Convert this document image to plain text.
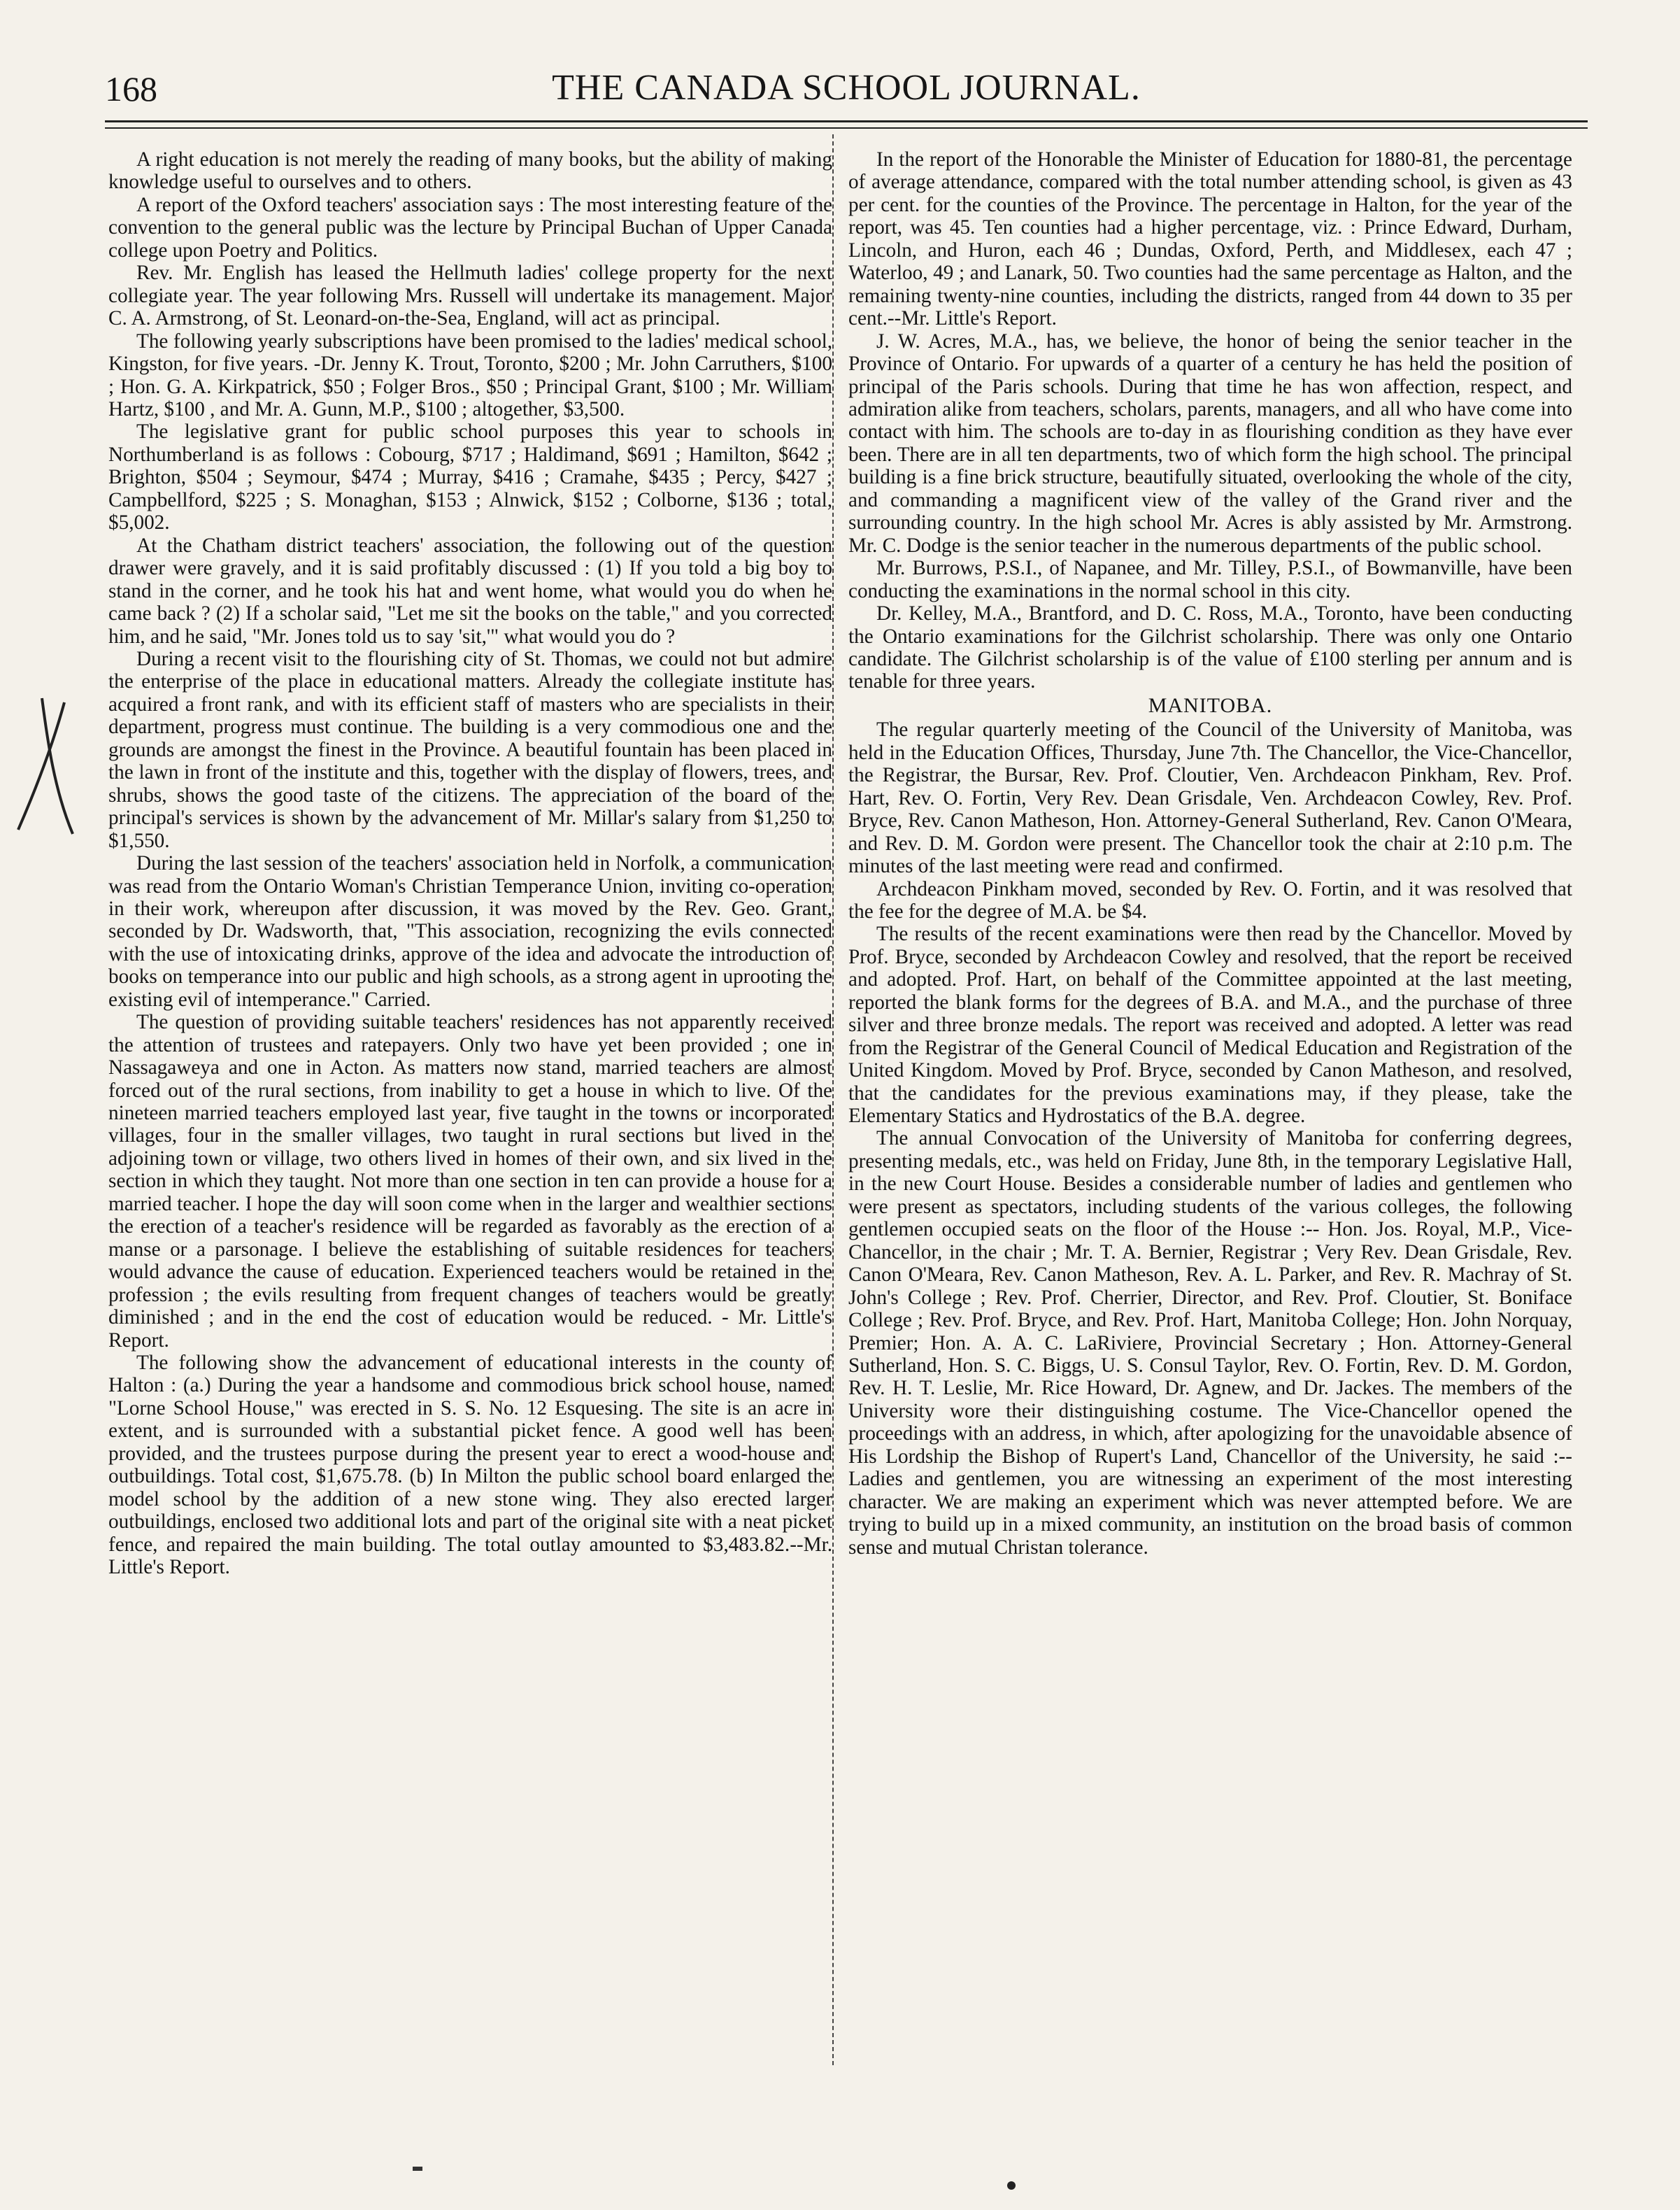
168	THE CANADA SCHOOL JOURNAL.

A right education is not merely the reading of many books, but the ability of making knowledge useful to ourselves and to others.

A report of the Oxford teachers' association says : The most interesting feature of the convention to the general public was the lecture by Principal Buchan of Upper Canada college upon Poetry and Politics.

Rev. Mr. English has leased the Hellmuth ladies' college property for the next collegiate year. The year following Mrs. Russell will undertake its management. Major C. A. Armstrong, of St. Leonard-on-the-Sea, England, will act as principal.

The following yearly subscriptions have been promised to the ladies' medical school, Kingston, for five years. -Dr. Jenny K. Trout, Toronto, $200 ; Mr. John Carruthers, $100 ; Hon. G. A. Kirkpatrick, $50 ; Folger Bros., $50 ; Principal Grant, $100 ; Mr. William Hartz, $100 , and Mr. A. Gunn, M.P., $100 ; altogether, $3,500.

The legislative grant for public school purposes this year to schools in Northumberland is as follows : Cobourg, $717 ; Haldimand, $691 ; Hamilton, $642 ; Brighton, $504 ; Seymour, $474 ; Murray, $416 ; Cramahe, $435 ; Percy, $427 ; Campbellford, $225 ; S. Monaghan, $153 ; Alnwick, $152 ; Colborne, $136 ; total, $5,002.

At the Chatham district teachers' association, the following out of the question drawer were gravely, and it is said profitably discussed : (1) If you told a big boy to stand in the corner, and he took his hat and went home, what would you do when he came back ? (2) If a scholar said, "Let me sit the books on the table," and you corrected him, and he said, "Mr. Jones told us to say 'sit,'" what would you do ?

During a recent visit to the flourishing city of St. Thomas, we could not but admire the enterprise of the place in educational matters. Already the collegiate institute has acquired a front rank, and with its efficient staff of masters who are specialists in their department, progress must continue. The building is a very commodious one and the grounds are amongst the finest in the Province. A beautiful fountain has been placed in the lawn in front of the institute and this, together with the display of flowers, trees, and shrubs, shows the good taste of the citizens. The appreciation of the board of the principal's services is shown by the advancement of Mr. Millar's salary from $1,250 to $1,550.

During the last session of the teachers' association held in Norfolk, a communication was read from the Ontario Woman's Christian Temperance Union, inviting co-operation in their work, whereupon after discussion, it was moved by the Rev. Geo. Grant, seconded by Dr. Wadsworth, that, "This association, recognizing the evils connected with the use of intoxicating drinks, approve of the idea and advocate the introduction of books on temperance into our public and high schools, as a strong agent in uprooting the existing evil of intemperance." Carried.

The question of providing suitable teachers' residences has not apparently received the attention of trustees and ratepayers. Only two have yet been provided ; one in Nassagaweya and one in Acton. As matters now stand, married teachers are almost forced out of the rural sections, from inability to get a house in which to live. Of the nineteen married teachers employed last year, five taught in the towns or incorporated villages, four in the smaller villages, two taught in rural sections but lived in the adjoining town or village, two others lived in homes of their own, and six lived in the section in which they taught. Not more than one section in ten can provide a house for a married teacher. I hope the day will soon come when in the larger and wealthier sections the erection of a teacher's residence will be regarded as favorably as the erection of a manse or a parsonage. I believe the establishing of suitable residences for teachers would advance the cause of education. Experienced teachers would be retained in the profession ; the evils resulting from frequent changes of teachers would be greatly diminished ; and in the end the cost of education would be reduced. - Mr. Little's Report.

The following show the advancement of educational interests in the county of Halton : (a.) During the year a handsome and commodious brick school house, named "Lorne School House," was erected in S. S. No. 12 Esquesing. The site is an acre in extent, and is surrounded with a substantial picket fence. A good well has been provided, and the trustees purpose during the present year to erect a wood-house and outbuildings. Total cost, $1,675.78. (b) In Milton the public school board enlarged the model school by the addition of a new stone wing. They also erected larger outbuildings, enclosed two additional lots and part of the original site with a neat picket fence, and repaired the main building. The total outlay amounted to $3,483.82.--Mr. Little's Report.

In the report of the Honorable the Minister of Education for 1880-81, the percentage of average attendance, compared with the total number attending school, is given as 43 per cent. for the counties of the Province. The percentage in Halton, for the year of the report, was 45. Ten counties had a higher percentage, viz. : Prince Edward, Durham, Lincoln, and Huron, each 46 ; Dundas, Oxford, Perth, and Middlesex, each 47 ; Waterloo, 49 ; and Lanark, 50. Two counties had the same percentage as Halton, and the remaining twenty-nine counties, including the districts, ranged from 44 down to 35 per cent.--Mr. Little's Report.

J. W. Acres, M.A., has, we believe, the honor of being the senior teacher in the Province of Ontario. For upwards of a quarter of a century he has held the position of principal of the Paris schools. During that time he has won affection, respect, and admiration alike from teachers, scholars, parents, managers, and all who have come into contact with him. The schools are to-day in as flourishing condition as they have ever been. There are in all ten departments, two of which form the high school. The principal building is a fine brick structure, beautifully situated, overlooking the whole of the city, and commanding a magnificent view of the valley of the Grand river and the surrounding country. In the high school Mr. Acres is ably assisted by Mr. Armstrong. Mr. C. Dodge is the senior teacher in the numerous departments of the public school.

Mr. Burrows, P.S.I., of Napanee, and Mr. Tilley, P.S.I., of Bowmanville, have been conducting the examinations in the normal school in this city.

Dr. Kelley, M.A., Brantford, and D. C. Ross, M.A., Toronto, have been conducting the Ontario examinations for the Gilchrist scholarship. There was only one Ontario candidate. The Gilchrist scholarship is of the value of £100 sterling per annum and is tenable for three years.

MANITOBA.

The regular quarterly meeting of the Council of the University of Manitoba, was held in the Education Offices, Thursday, June 7th. The Chancellor, the Vice-Chancellor, the Registrar, the Bursar, Rev. Prof. Cloutier, Ven. Archdeacon Pinkham, Rev. Prof. Hart, Rev. O. Fortin, Very Rev. Dean Grisdale, Ven. Archdeacon Cowley, Rev. Prof. Bryce, Rev. Canon Matheson, Hon. Attorney-General Sutherland, Rev. Canon O'Meara, and Rev. D. M. Gordon were present. The Chancellor took the chair at 2:10 p.m. The minutes of the last meeting were read and confirmed.

Archdeacon Pinkham moved, seconded by Rev. O. Fortin, and it was resolved that the fee for the degree of M.A. be $4.

The results of the recent examinations were then read by the Chancellor. Moved by Prof. Bryce, seconded by Archdeacon Cowley and resolved, that the report be received and adopted. Prof. Hart, on behalf of the Committee appointed at the last meeting, reported the blank forms for the degrees of B.A. and M.A., and the purchase of three silver and three bronze medals. The report was received and adopted. A letter was read from the Registrar of the General Council of Medical Education and Registration of the United Kingdom. Moved by Prof. Bryce, seconded by Canon Matheson, and resolved, that the candidates for the previous examinations may, if they please, take the Elementary Statics and Hydrostatics of the B.A. degree.

The annual Convocation of the University of Manitoba for conferring degrees, presenting medals, etc., was held on Friday, June 8th, in the temporary Legislative Hall, in the new Court House. Besides a considerable number of ladies and gentlemen who were present as spectators, including students of the various colleges, the following gentlemen occupied seats on the floor of the House :-- Hon. Jos. Royal, M.P., Vice-Chancellor, in the chair ; Mr. T. A. Bernier, Registrar ; Very Rev. Dean Grisdale, Rev. Canon O'Meara, Rev. Canon Matheson, Rev. A. L. Parker, and Rev. R. Machray of St. John's College ; Rev. Prof. Cherrier, Director, and Rev. Prof. Cloutier, St. Boniface College ; Rev. Prof. Bryce, and Rev. Prof. Hart, Manitoba College; Hon. John Norquay, Premier; Hon. A. A. C. LaRiviere, Provincial Secretary ; Hon. Attorney-General Sutherland, Hon. S. C. Biggs, U. S. Consul Taylor, Rev. O. Fortin, Rev. D. M. Gordon, Rev. H. T. Leslie, Mr. Rice Howard, Dr. Agnew, and Dr. Jackes. The members of the University wore their distinguishing costume. The Vice-Chancellor opened the proceedings with an address, in which, after apologizing for the unavoidable absence of His Lordship the Bishop of Rupert's Land, Chancellor of the University, he said :--Ladies and gentlemen, you are witnessing an experiment of the most interesting character. We are making an experiment which was never attempted before. We are trying to build up in a mixed community, an institution on the broad basis of common sense and mutual Christan tolerance.
